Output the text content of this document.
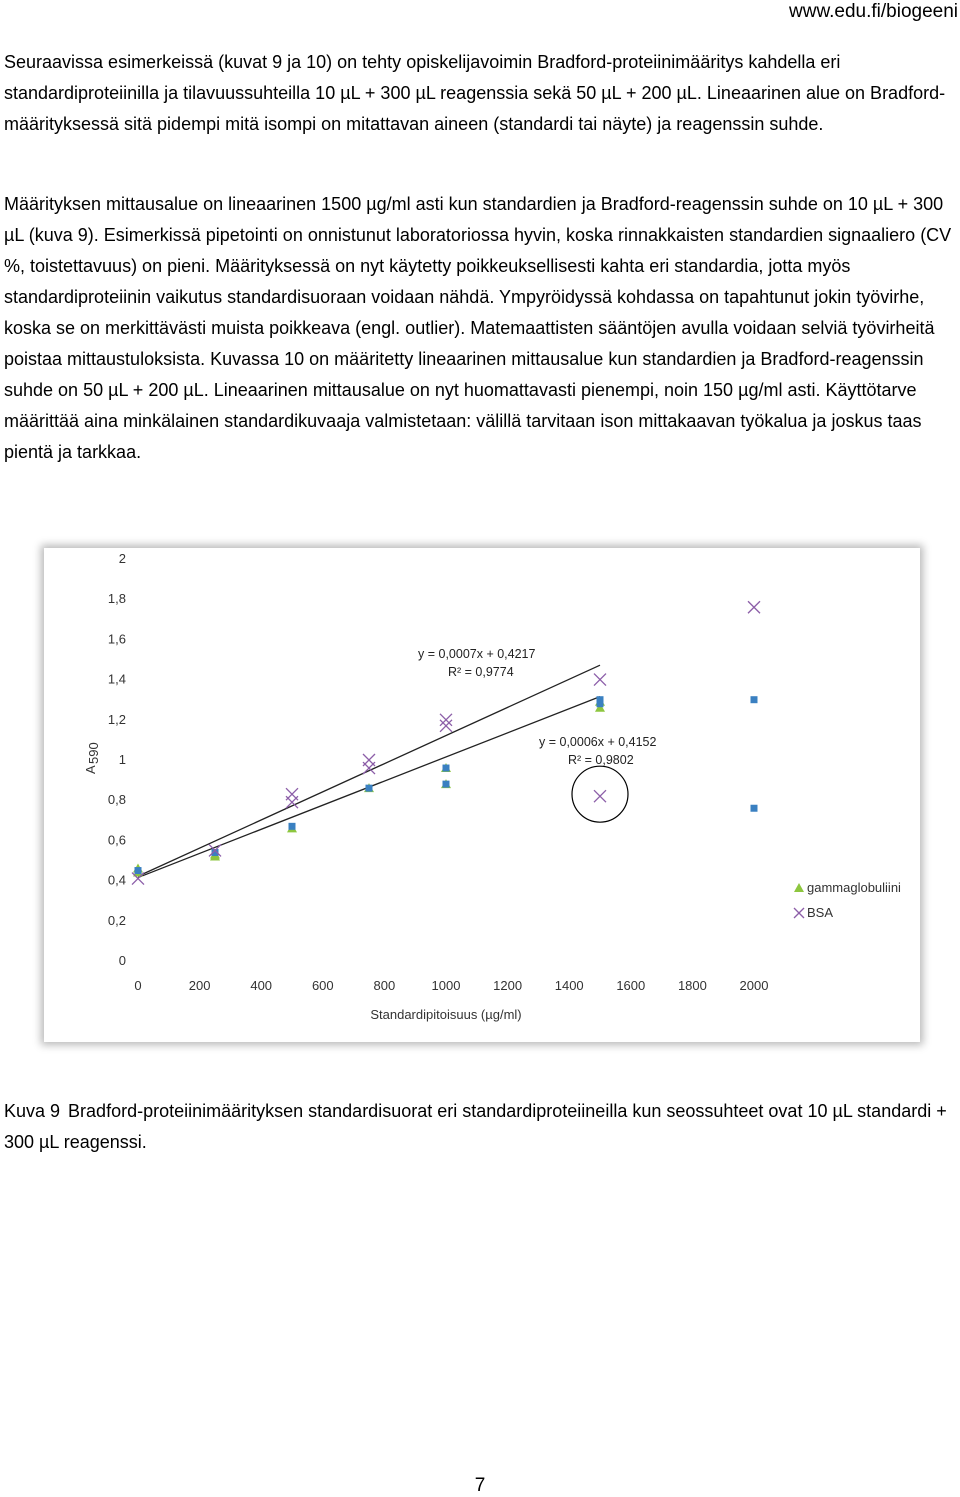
www.edu.fi/biogeeni

Seuraavissa esimerkeissä (kuvat 9 ja 10) on tehty opiskelijavoimin Bradford-proteiinimääritys kahdella eri standardiproteiinilla ja tilavuussuhteilla 10 µL + 300 µL reagenssia sekä 50 µL + 200 µL. Lineaarinen alue on Bradford-määrityksessä sitä pidempi mitä isompi on mitattavan aineen (standardi tai näyte) ja reagenssin suhde.

Määrityksen mittausalue on lineaarinen 1500 µg/ml asti kun standardien ja Bradford-reagenssin suhde on 10 µL + 300 µL (kuva 9). Esimerkissä pipetointi on onnistunut laboratoriossa hyvin, koska rinnakkaisten standardien signaaliero (CV %, toistettavuus) on pieni. Määrityksessä on nyt käytetty poikkeuksellisesti kahta eri standardia, jotta myös standardiproteiinin vaikutus standardisuoraan voidaan nähdä. Ympyröidyssä kohdassa on tapahtunut jokin työvirhe, koska se on merkittävästi muista poikkeava (engl. outlier). Matemaattisten sääntöjen avulla voidaan selviä työvirheitä poistaa mittaustuloksista. Kuvassa 10 on määritetty lineaarinen mittausalue kun standardien ja Bradford-reagenssin suhde on 50 µL + 200 µL. Lineaarinen mittausalue on nyt huomattavasti pienempi, noin 150 µg/ml asti. Käyttötarve määrittää aina minkälainen standardikuvaaja valmistetaan: välillä tarvitaan ison mittakaavan työkalua ja joskus taas pientä ja tarkkaa.

0
0,2
0,4
0,6
0,8
1
1,2
1,4
1,6
1,8
2
0	200	400	600	800	1000	1200	1400	1600	1800	2000
y = 0,0007x + 0,4217
R² = 0,9774
y = 0,0006x + 0,4152
R² = 0,9802
Standardipitoisuus (µg/ml)
A
590
gammaglobuliini
BSA

Kuva 9 Bradford-proteiinimäärityksen standardisuorat eri standardiproteiineilla kun seossuhteet ovat 10 µL standardi + 300 µL reagenssi.

7
